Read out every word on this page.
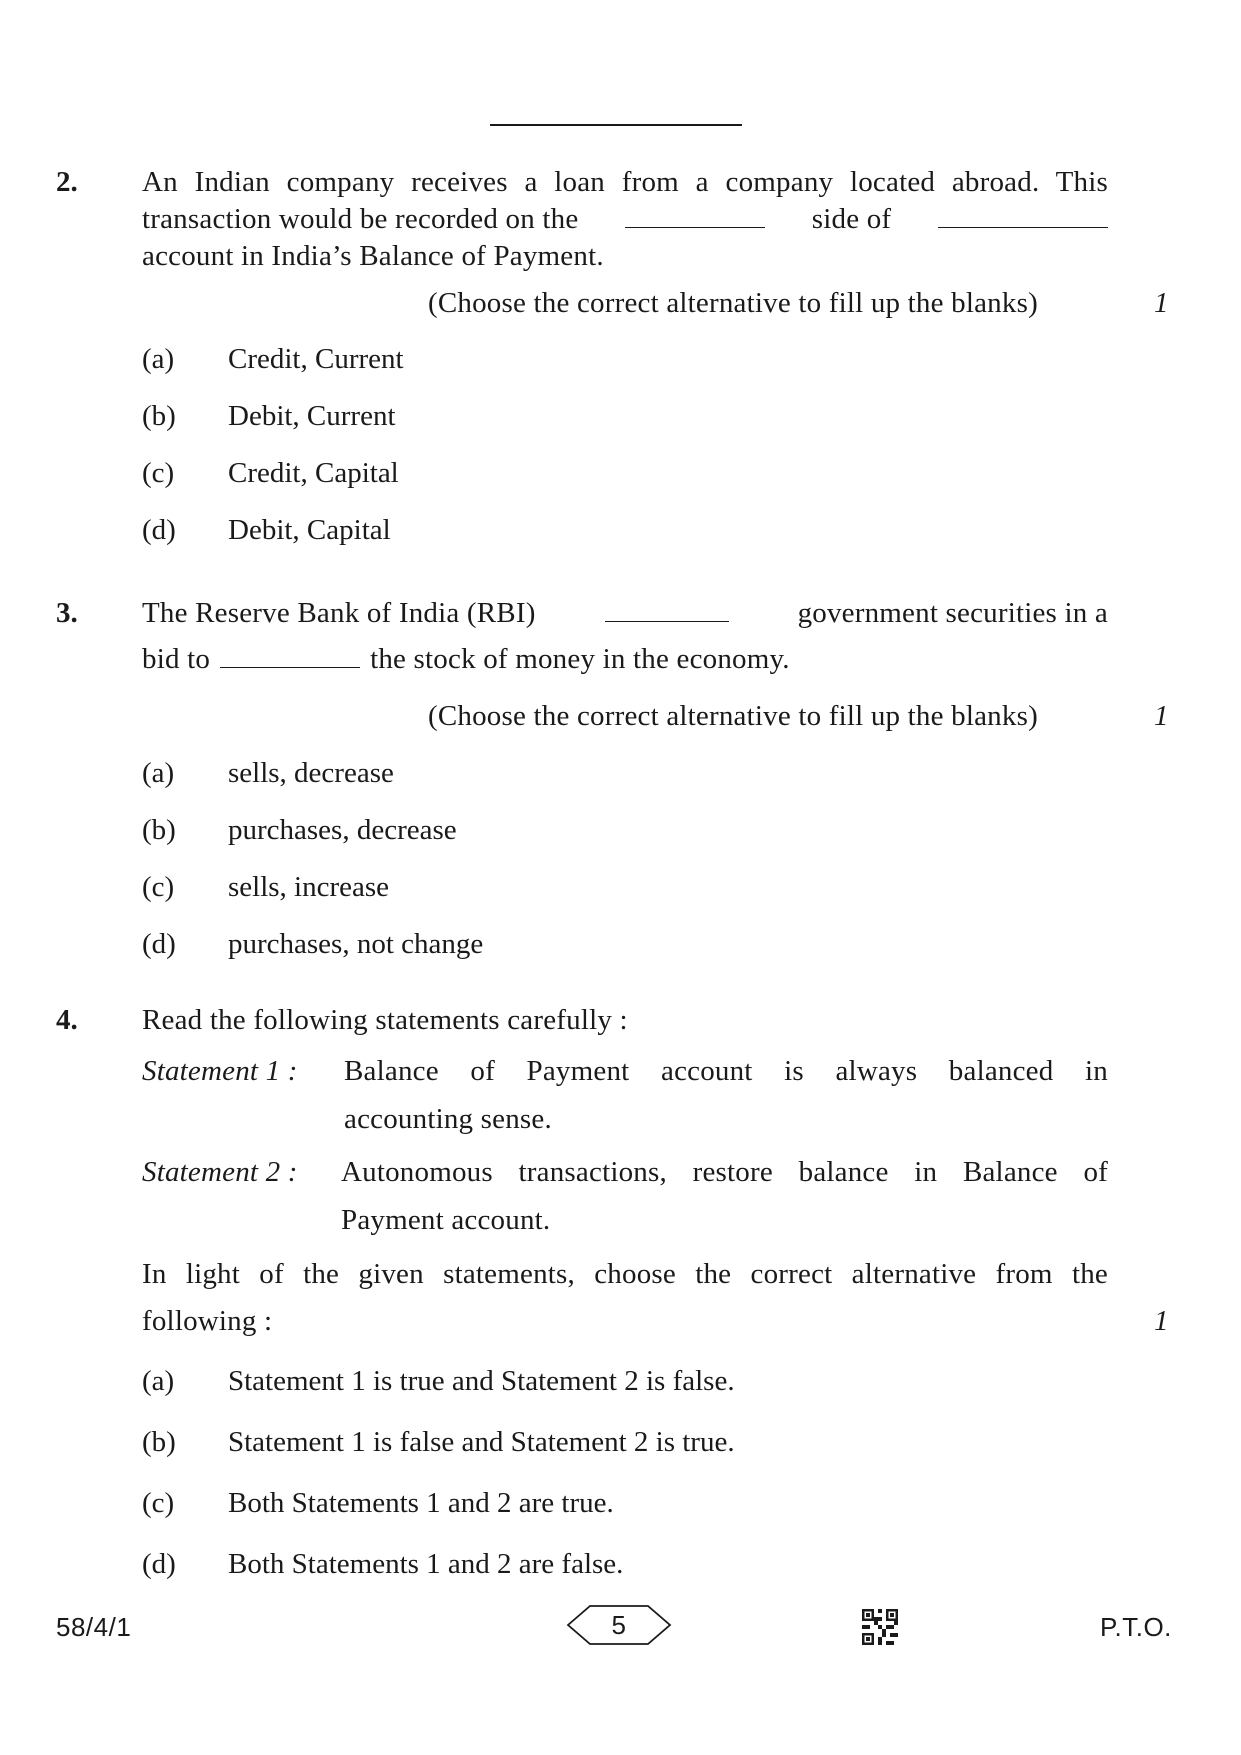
2. An Indian company receives a loan from a company located abroad. This
transaction would be recorded on the	side of
account in India’s Balance of Payment.
(Choose the correct alternative to fill up the blanks)	1
(a) Credit, Current
(b) Debit, Current
(c) Credit, Capital
(d) Debit, Capital
3. The Reserve Bank of India (RBI)	government securities in a
bid to	the stock of money in the economy.
(Choose the correct alternative to fill up the blanks)	1
(a) sells, decrease
(b) purchases, decrease
(c) sells, increase
(d) purchases, not change
4. Read the following statements carefully :
Statement 1 : Balance of Payment account is always balanced in
accounting sense.
Statement 2 : Autonomous transactions, restore balance in Balance of
Payment account.
In light of the given statements, choose the correct alternative from the
following :	1
(a) Statement 1 is true and Statement 2 is false.
(b) Statement 1 is false and Statement 2 is true.
(c) Both Statements 1 and 2 are true.
(d) Both Statements 1 and 2 are false.
58/4/1	5	P.T.O.
